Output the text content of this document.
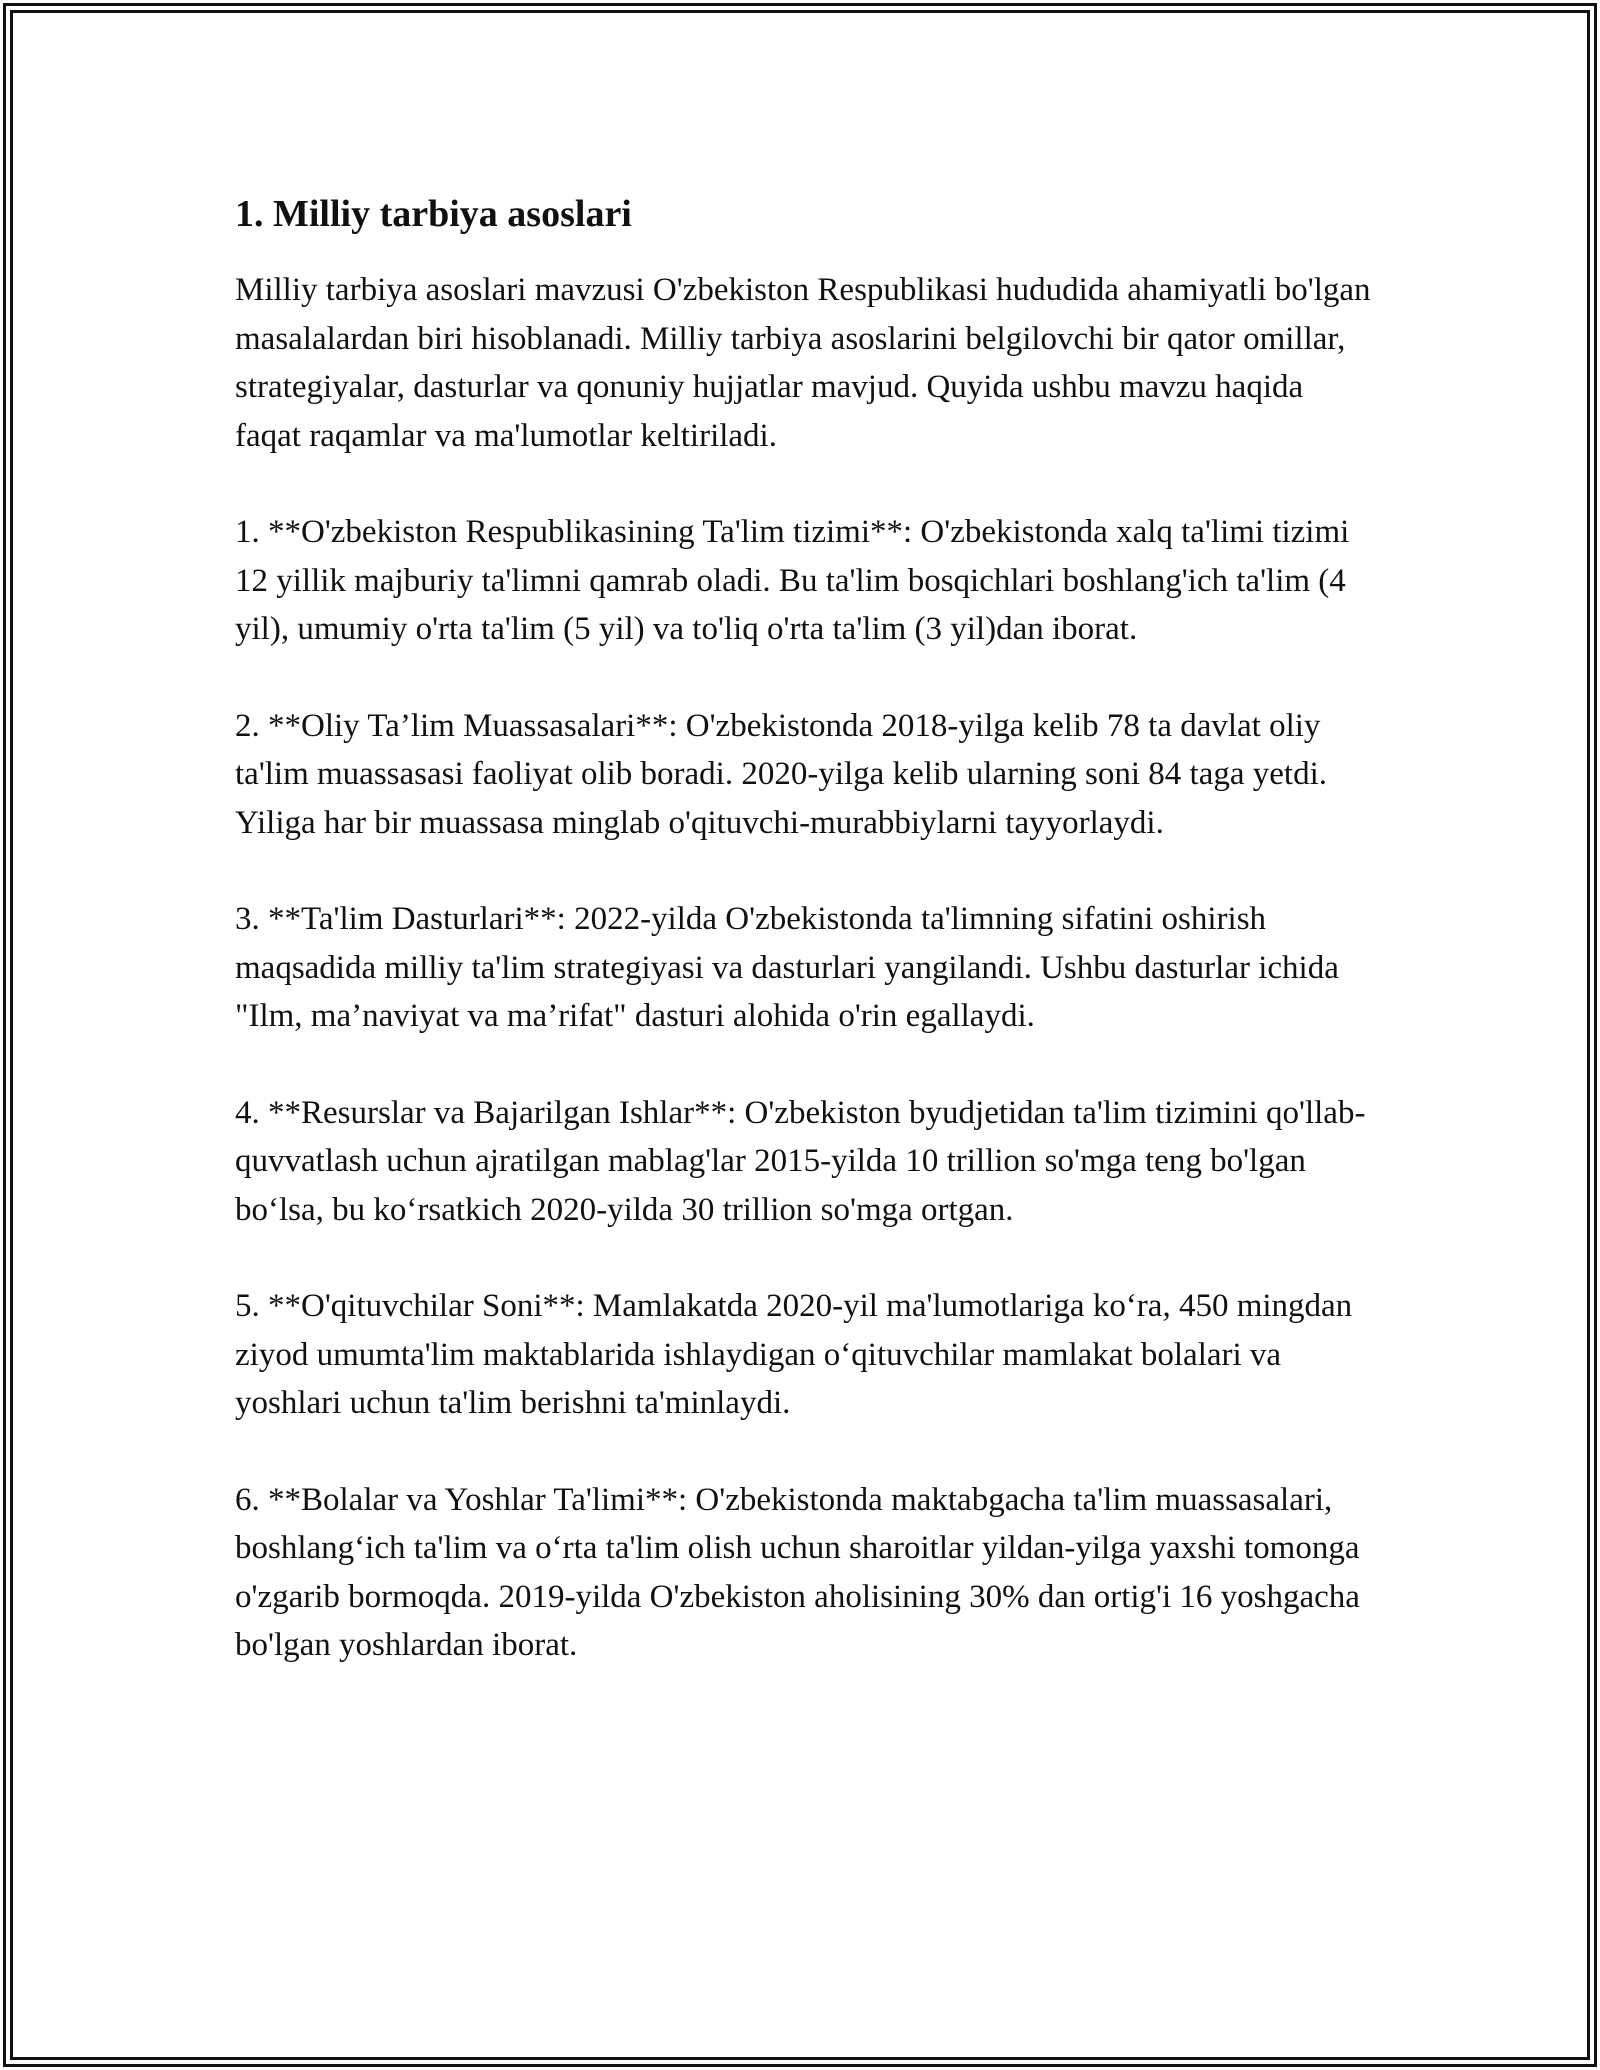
1. Milliy tarbiya asoslari

Milliy tarbiya asoslari mavzusi O'zbekiston Respublikasi hududida ahamiyatli bo'lgan masalalardan biri hisoblanadi. Milliy tarbiya asoslarini belgilovchi bir qator omillar, strategiyalar, dasturlar va qonuniy hujjatlar mavjud. Quyida ushbu mavzu haqida faqat raqamlar va ma'lumotlar keltiriladi.

1. **O'zbekiston Respublikasining Ta'lim tizimi**: O'zbekistonda xalq ta'limi tizimi 12 yillik majburiy ta'limni qamrab oladi. Bu ta'lim bosqichlari boshlang'ich ta'lim (4 yil), umumiy o'rta ta'lim (5 yil) va to'liq o'rta ta'lim (3 yil)dan iborat.

2. **Oliy Ta’lim Muassasalari**: O'zbekistonda 2018-yilga kelib 78 ta davlat oliy ta'lim muassasasi faoliyat olib boradi. 2020-yilga kelib ularning soni 84 taga yetdi. Yiliga har bir muassasa minglab o'qituvchi-murabbiylarni tayyorlaydi.

3. **Ta'lim Dasturlari**: 2022-yilda O'zbekistonda ta'limning sifatini oshirish maqsadida milliy ta'lim strategiyasi va dasturlari yangilandi. Ushbu dasturlar ichida "Ilm, ma’naviyat va ma’rifat" dasturi alohida o'rin egallaydi.

4. **Resurslar va Bajarilgan Ishlar**: O'zbekiston byudjetidan ta'lim tizimini qo'llab-quvvatlash uchun ajratilgan mablag'lar 2015-yilda 10 trillion so'mga teng bo'lgan bo‘lsa, bu ko‘rsatkich 2020-yilda 30 trillion so'mga ortgan.

5. **O'qituvchilar Soni**: Mamlakatda 2020-yil ma'lumotlariga ko‘ra, 450 mingdan ziyod umumta'lim maktablarida ishlaydigan o‘qituvchilar mamlakat bolalari va yoshlari uchun ta'lim berishni ta'minlaydi.

6. **Bolalar va Yoshlar Ta'limi**: O'zbekistonda maktabgacha ta'lim muassasalari, boshlang‘ich ta'lim va o‘rta ta'lim olish uchun sharoitlar yildan-yilga yaxshi tomonga o'zgarib bormoqda. 2019-yilda O'zbekiston aholisining 30% dan ortig'i 16 yoshgacha bo'lgan yoshlardan iborat.
